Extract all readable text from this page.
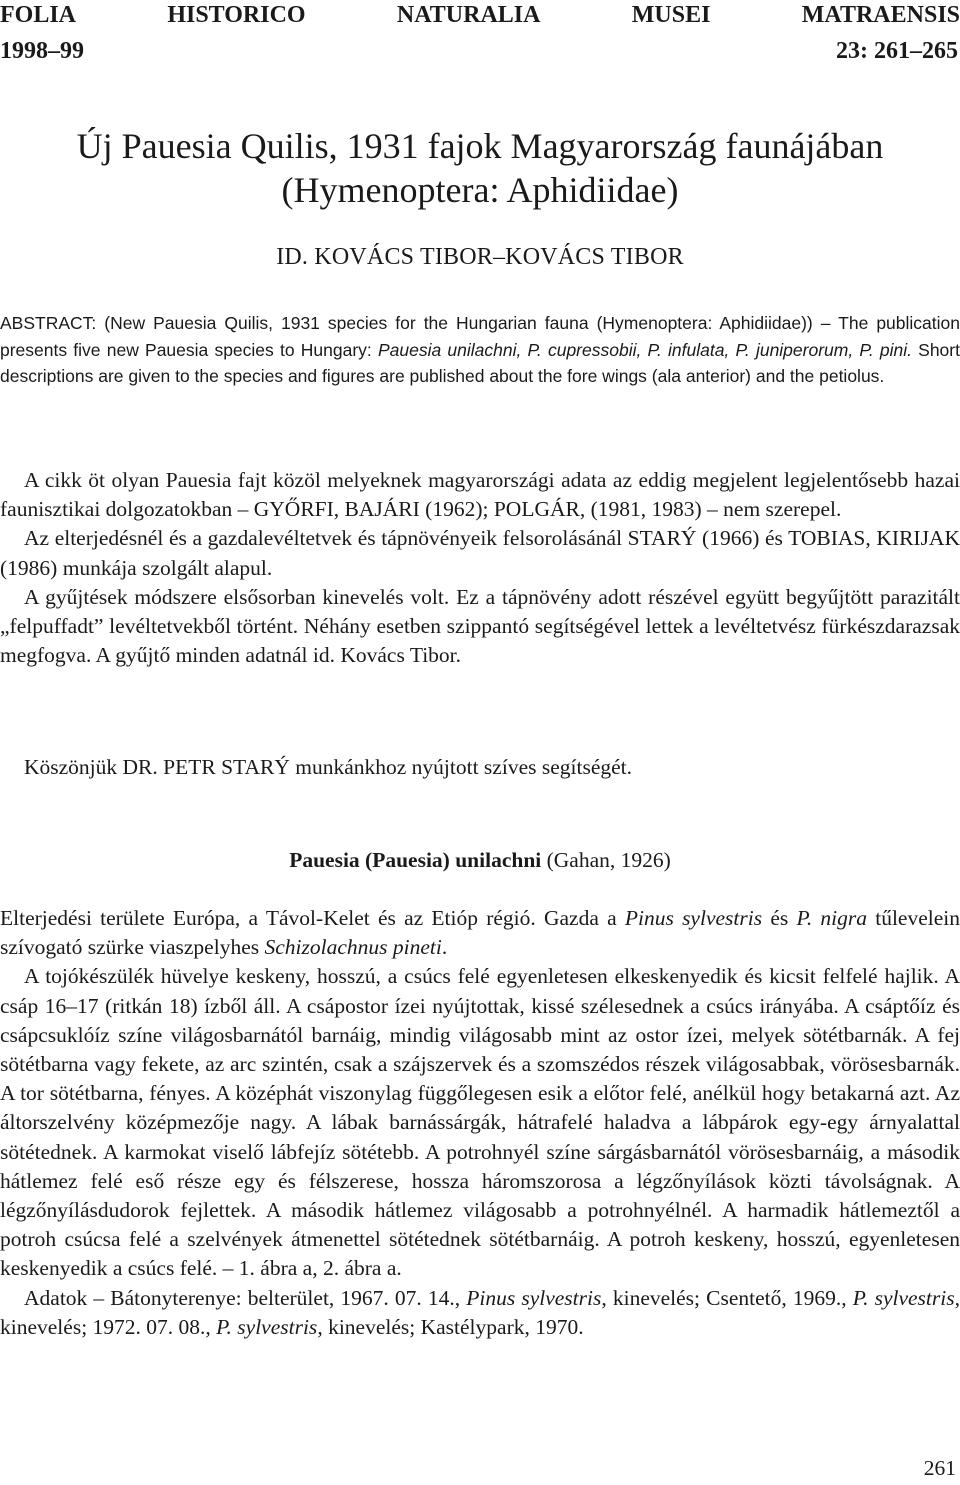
FOLIA	HISTORICO	NATURALIA	MUSEI	MATRAENSIS
1998–99	23: 261–265
Új Pauesia Quilis, 1931 fajok Magyarország faunájában
(Hymenoptera: Aphidiidae)
ID. KOVÁCS TIBOR–KOVÁCS TIBOR

ABSTRACT: (New Pauesia Quilis, 1931 species for the Hungarian fauna (Hymenoptera: Aphidiidae)) – The publication presents five new Pauesia species to Hungary: Pauesia unilachni, P. cupressobii, P. infulata, P. juniperorum, P. pini. Short descriptions are given to the species and figures are published about the fore wings (ala anterior) and the petiolus.

A cikk öt olyan Pauesia fajt közöl melyeknek magyarországi adata az eddig megjelent legjelentősebb hazai faunisztikai dolgozatokban – GYŐRFI, BAJÁRI (1962); POLGÁR, (1981, 1983) – nem szerepel.

Az elterjedésnél és a gazdalevéltetvek és tápnövényeik felsorolásánál STARÝ (1966) és TOBIAS, KIRIJAK (1986) munkája szolgált alapul.

A gyűjtések módszere elsősorban kinevelés volt. Ez a tápnövény adott részével együtt begyűjtött parazitált „felpuffadt” levéltetvekből történt. Néhány esetben szippantó segítségével lettek a levéltetvész fürkészdarazsak megfogva. A gyűjtő minden adatnál id. Kovács Tibor.

Köszönjük DR. PETR STARÝ munkánkhoz nyújtott szíves segítségét.

Pauesia (Pauesia) unilachni (Gahan, 1926)

Elterjedési területe Európa, a Távol-Kelet és az Etióp régió. Gazda a Pinus sylvestris és P. nigra tűlevelein szívogató szürke viaszpelyhes Schizolachnus pineti.

A tojókészülék hüvelye keskeny, hosszú, a csúcs felé egyenletesen elkeskenyedik és kicsit felfelé hajlik. A csáp 16–17 (ritkán 18) ízből áll. A csápostor ízei nyújtottak, kissé szélesednek a csúcs irányába. A csáptőíz és csápcsuklóíz színe világosbarnától barnáig, mindig világosabb mint az ostor ízei, melyek sötétbarnák. A fej sötétbarna vagy fekete, az arc szintén, csak a szájszervek és a szomszédos részek világosabbak, vörösesbarnák. A tor sötétbarna, fényes. A középhát viszonylag függőlegesen esik a előtor felé, anélkül hogy betakarná azt. Az áltorszelvény középmezője nagy. A lábak barnássárgák, hátrafelé haladva a lábpárok egy-egy árnyalattal sötétednek. A karmokat viselő lábfejíz sötétebb. A potrohnyél színe sárgásbarnától vörösesbarnáig, a második hátlemez felé eső része egy és félszerese, hossza háromszorosa a légzőnyílások közti távolságnak. A légzőnyílásdudorok fejlettek. A második hátlemez világosabb a potrohnyélnél. A harmadik hátlemeztől a potroh csúcsa felé a szelvények átmenettel sötétednek sötétbarnáig. A potroh keskeny, hosszú, egyenletesen keskenyedik a csúcs felé. – 1. ábra a, 2. ábra a.

Adatok – Bátonyterenye: belterület, 1967. 07. 14., Pinus sylvestris, kinevelés; Csentető, 1969., P. sylvestris, kinevelés; 1972. 07. 08., P. sylvestris, kinevelés; Kastélypark, 1970.

261
